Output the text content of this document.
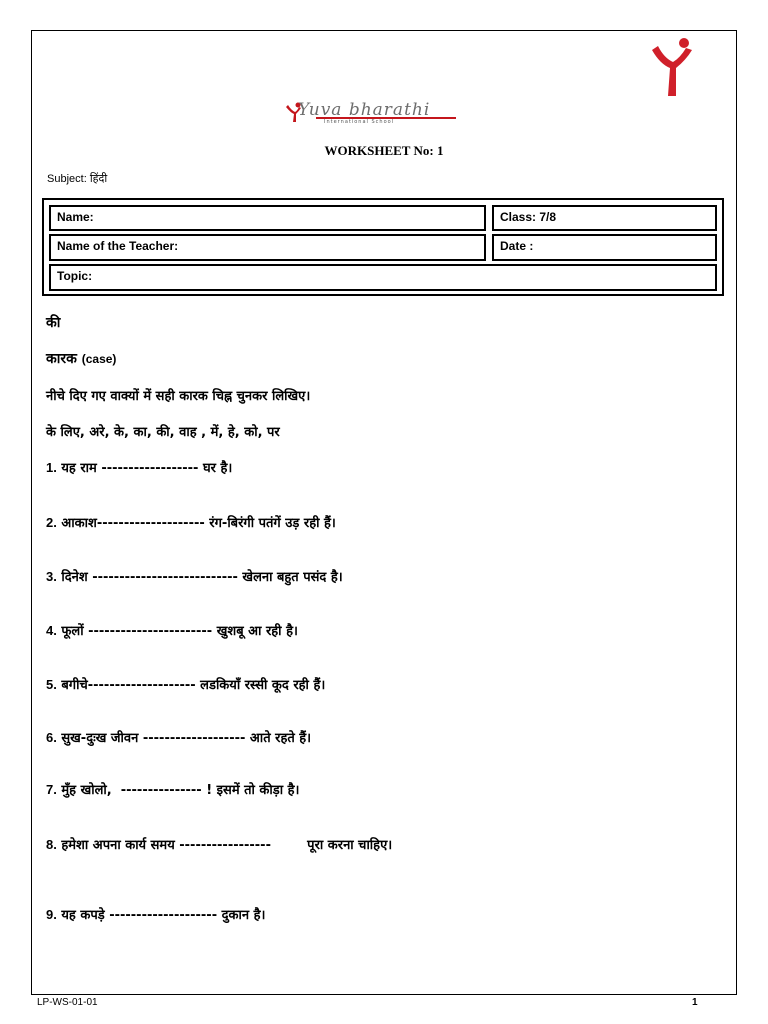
Yuva bharathi
International School
WORKSHEET No: 1
Subject: हिंदी
Name:	Class: 7/8
Name of the Teacher:	Date :
Topic:
की
कारक (case)
नीचे दिए गए वाक्यों में सही कारक चिह्न चुनकर लिखिए।
के लिए, अरे, के, का, की, वाह , में, हे, को, पर
1. यह राम ------------------ घर है।
2. आकाश-------------------- रंग-बिरंगी पतंगें उड़ रही हैं।
3. दिनेश --------------------------- खेलना बहुत पसंद है।
4. फूलों ----------------------- खुशबू आ रही है।
5. बगीचे-------------------- लडकियाँ रस्सी कूद रही हैं।
6. सुख-दुःख जीवन ------------------- आते रहते हैं।
7. मुँह खोलो,  --------------- ! इसमें तो कीड़ा है।
8. हमेशा अपना कार्य समय -----------------        पूरा करना चाहिए।
9. यह कपड़े -------------------- दुकान है।
LP-WS-01-01	1
